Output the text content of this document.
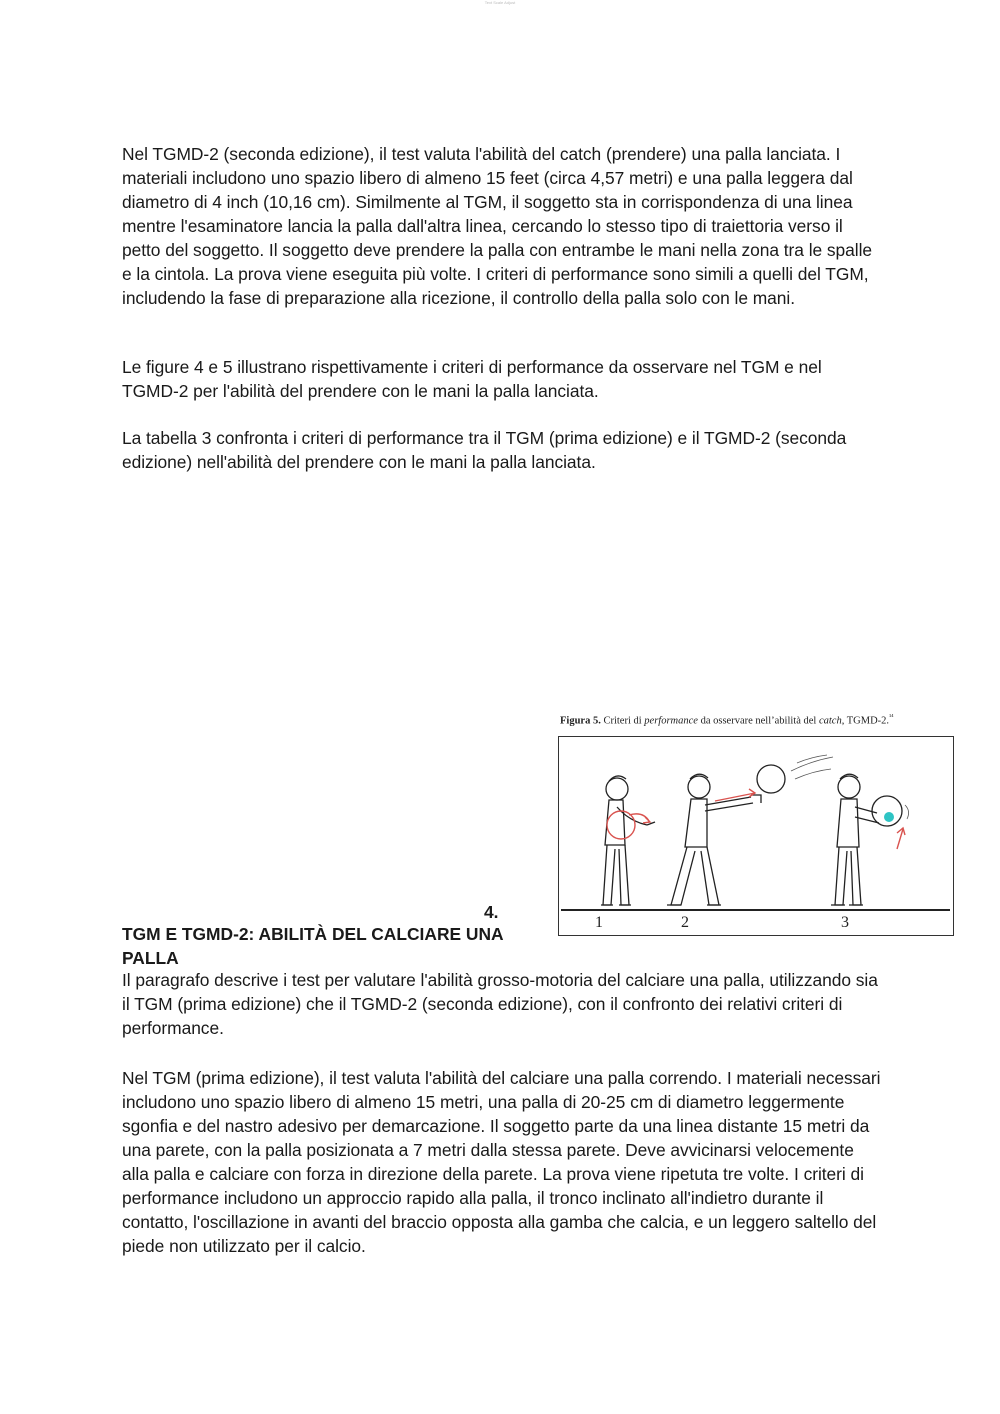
Text Scale Adjust

Nel TGMD-2 (seconda edizione), il test valuta l'abilità del catch (prendere) una palla lanciata. I materiali includono uno spazio libero di almeno 15 feet (circa 4,57 metri) e una palla leggera dal diametro di 4 inch (10,16 cm). Similmente al TGM, il soggetto sta in corrispondenza di una linea mentre l'esaminatore lancia la palla dall'altra linea, cercando lo stesso tipo di traiettoria verso il petto del soggetto. Il soggetto deve prendere la palla con entrambe le mani nella zona tra le spalle e la cintola. La prova viene eseguita più volte. I criteri di performance sono simili a quelli del TGM, includendo la fase di preparazione alla ricezione, il controllo della palla solo con le mani.

Le figure 4 e 5 illustrano rispettivamente i criteri di performance da osservare nel TGM e nel TGMD-2 per l'abilità del prendere con le mani la palla lanciata.

La tabella 3 confronta i criteri di performance tra il TGM (prima edizione) e il TGMD-2 (seconda edizione) nell'abilità del prendere con le mani la palla lanciata.

Figura 5. Criteri di performance da osservare nell’abilità del catch, TGMD-2.$^{^{14}}$
1	2	3
4.
TGM E TGMD-2: ABILITÀ DEL CALCIARE UNA PALLA

Il paragrafo descrive i test per valutare l'abilità grosso-motoria del calciare una palla, utilizzando sia il TGM (prima edizione) che il TGMD-2 (seconda edizione), con il confronto dei relativi criteri di performance.

Nel TGM (prima edizione), il test valuta l'abilità del calciare una palla correndo. I materiali necessari includono uno spazio libero di almeno 15 metri, una palla di 20-25 cm di diametro leggermente sgonfia e del nastro adesivo per demarcazione. Il soggetto parte da una linea distante 15 metri da una parete, con la palla posizionata a 7 metri dalla stessa parete. Deve avvicinarsi velocemente alla palla e calciare con forza in direzione della parete. La prova viene ripetuta tre volte. I criteri di performance includono un approccio rapido alla palla, il tronco inclinato all'indietro durante il contatto, l'oscillazione in avanti del braccio opposta alla gamba che calcia, e un leggero saltello del piede non utilizzato per il calcio.
